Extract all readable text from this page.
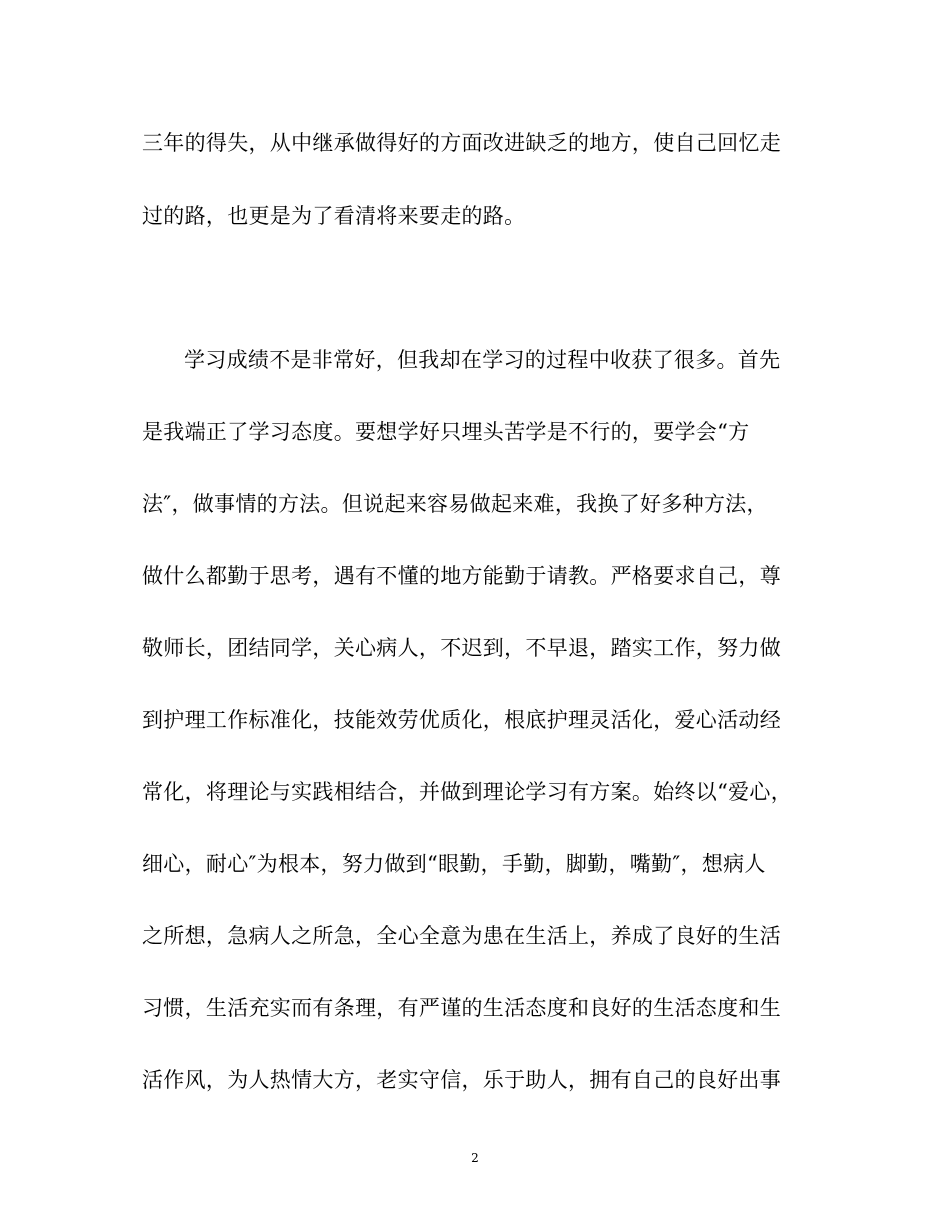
三年的得失，从中继承做得好的方面改进缺乏的地方，使自己回忆走
过的路，也更是为了看清将来要走的路。
学习成绩不是非常好，但我却在学习的过程中收获了很多。首先
是我端正了学习态度。要想学好只埋头苦学是不行的，要学会“方
法″，做事情的方法。但说起来容易做起来难，我换了好多种方法，
做什么都勤于思考，遇有不懂的地方能勤于请教。严格要求自己，尊
敬师长，团结同学，关心病人，不迟到，不早退，踏实工作，努力做
到护理工作标准化，技能效劳优质化，根底护理灵活化，爱心活动经
常化，将理论与实践相结合，并做到理论学习有方案。始终以“爱心，
细心，耐心″为根本，努力做到“眼勤，手勤，脚勤，嘴勤″，想病人
之所想，急病人之所急，全心全意为患在生活上，养成了良好的生活
习惯，生活充实而有条理，有严谨的生活态度和良好的生活态度和生
活作风，为人热情大方，老实守信，乐于助人，拥有自己的良好出事
2
